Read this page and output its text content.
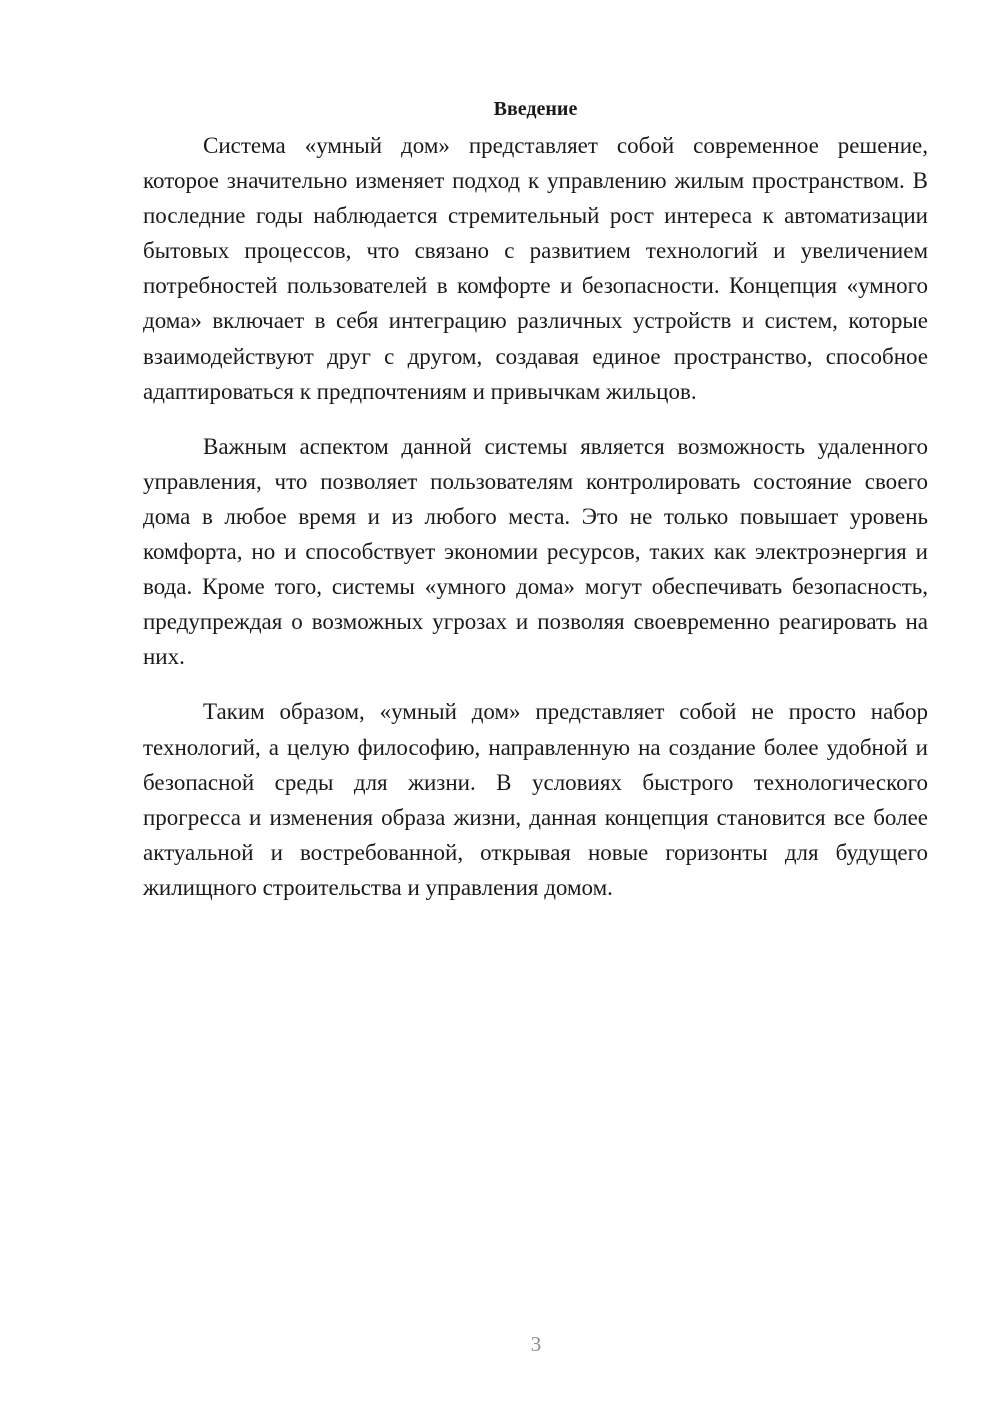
Введение

Система «умный дом» представляет собой современное решение, которое значительно изменяет подход к управлению жилым пространством. В последние годы наблюдается стремительный рост интереса к автоматизации бытовых процессов, что связано с развитием технологий и увеличением потребностей пользователей в комфорте и безопасности. Концепция «умного дома» включает в себя интеграцию различных устройств и систем, которые взаимодействуют друг с другом, создавая единое пространство, способное адаптироваться к предпочтениям и привычкам жильцов.

Важным аспектом данной системы является возможность удаленного управления, что позволяет пользователям контролировать состояние своего дома в любое время и из любого места. Это не только повышает уровень комфорта, но и способствует экономии ресурсов, таких как электроэнергия и вода. Кроме того, системы «умного дома» могут обеспечивать безопасность, предупреждая о возможных угрозах и позволяя своевременно реагировать на них.

Таким образом, «умный дом» представляет собой не просто набор технологий, а целую философию, направленную на создание более удобной и безопасной среды для жизни. В условиях быстрого технологического прогресса и изменения образа жизни, данная концепция становится все более актуальной и востребованной, открывая новые горизонты для будущего жилищного строительства и управления домом.

3
